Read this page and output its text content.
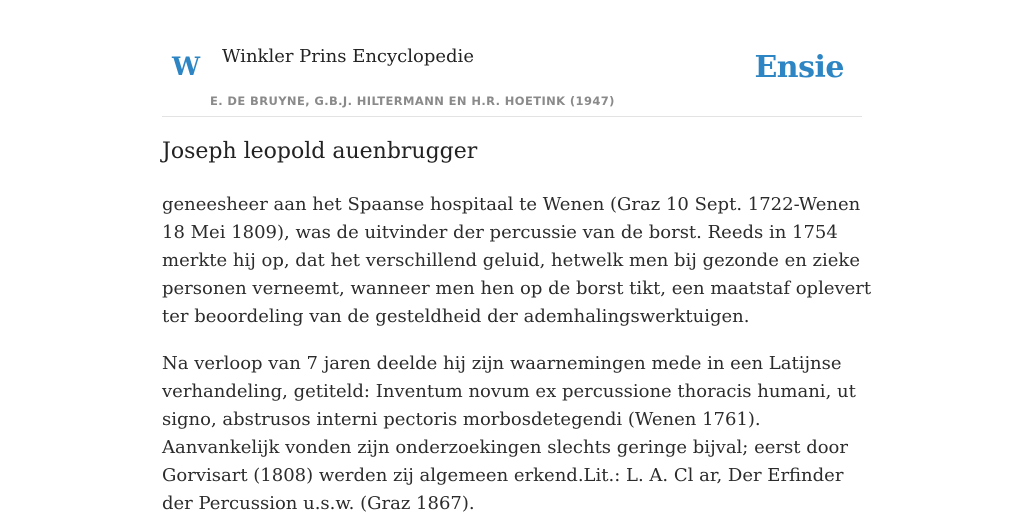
W Winkler Prins Encyclopedie
E. DE BRUYNE, G.B.J. HILTERMANN EN H.R. HOETINK (1947)
Ensie
Joseph leopold auenbrugger

geneesheer aan het Spaanse hospitaal te Wenen (Graz 10 Sept. 1722-Wenen 18 Mei 1809), was de uitvinder der percussie van de borst. Reeds in 1754 merkte hij op, dat het verschillend geluid, hetwelk men bij gezonde en zieke personen verneemt, wanneer men hen op de borst tikt, een maatstaf oplevert ter beoordeling van de gesteldheid der ademhalingswerktuigen.

Na verloop van 7 jaren deelde hij zijn waarnemingen mede in een Latijnse verhandeling, getiteld: Inventum novum ex percussione thoracis humani, ut signo, abstrusos interni pectoris morbosdetegendi (Wenen 1761). Aanvankelijk vonden zijn onderzoekingen slechts geringe bijval; eerst door Gorvisart (1808) werden zij algemeen erkend.Lit.: L. A. Cl ar, Der Erfinder der Percussion u.s.w. (Graz 1867).
